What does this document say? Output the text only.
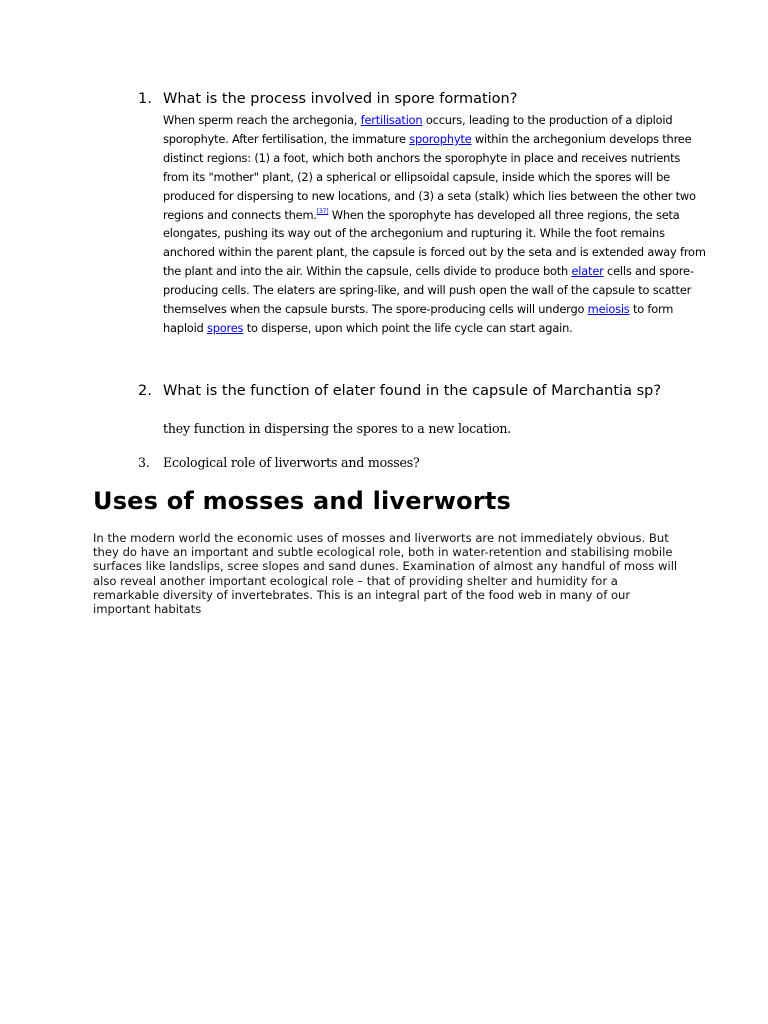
1. What is the process involved in spore formation?

When sperm reach the archegonia, fertilisation occurs, leading to the production of a diploid sporophyte. After fertilisation, the immature sporophyte within the archegonium develops three distinct regions: (1) a foot, which both anchors the sporophyte in place and receives nutrients from its "mother" plant, (2) a spherical or ellipsoidal capsule, inside which the spores will be produced for dispersing to new locations, and (3) a seta (stalk) which lies between the other two regions and connects them.[37] When the sporophyte has developed all three regions, the seta elongates, pushing its way out of the archegonium and rupturing it. While the foot remains anchored within the parent plant, the capsule is forced out by the seta and is extended away from the plant and into the air. Within the capsule, cells divide to produce both elater cells and spore-producing cells. The elaters are spring-like, and will push open the wall of the capsule to scatter themselves when the capsule bursts. The spore-producing cells will undergo meiosis to form haploid spores to disperse, upon which point the life cycle can start again.

2. What is the function of elater found in the capsule of Marchantia sp?
they function in dispersing the spores to a new location.
3. Ecological role of liverworts and mosses?
Uses of mosses and liverworts
In the modern world the economic uses of mosses and liverworts are not immediately obvious. But they do have an important and subtle ecological role, both in water-retention and stabilising mobile surfaces like landslips, scree slopes and sand dunes. Examination of almost any handful of moss will also reveal another important ecological role – that of providing shelter and humidity for a remarkable diversity of invertebrates. This is an integral part of the food web in many of our important habitats
